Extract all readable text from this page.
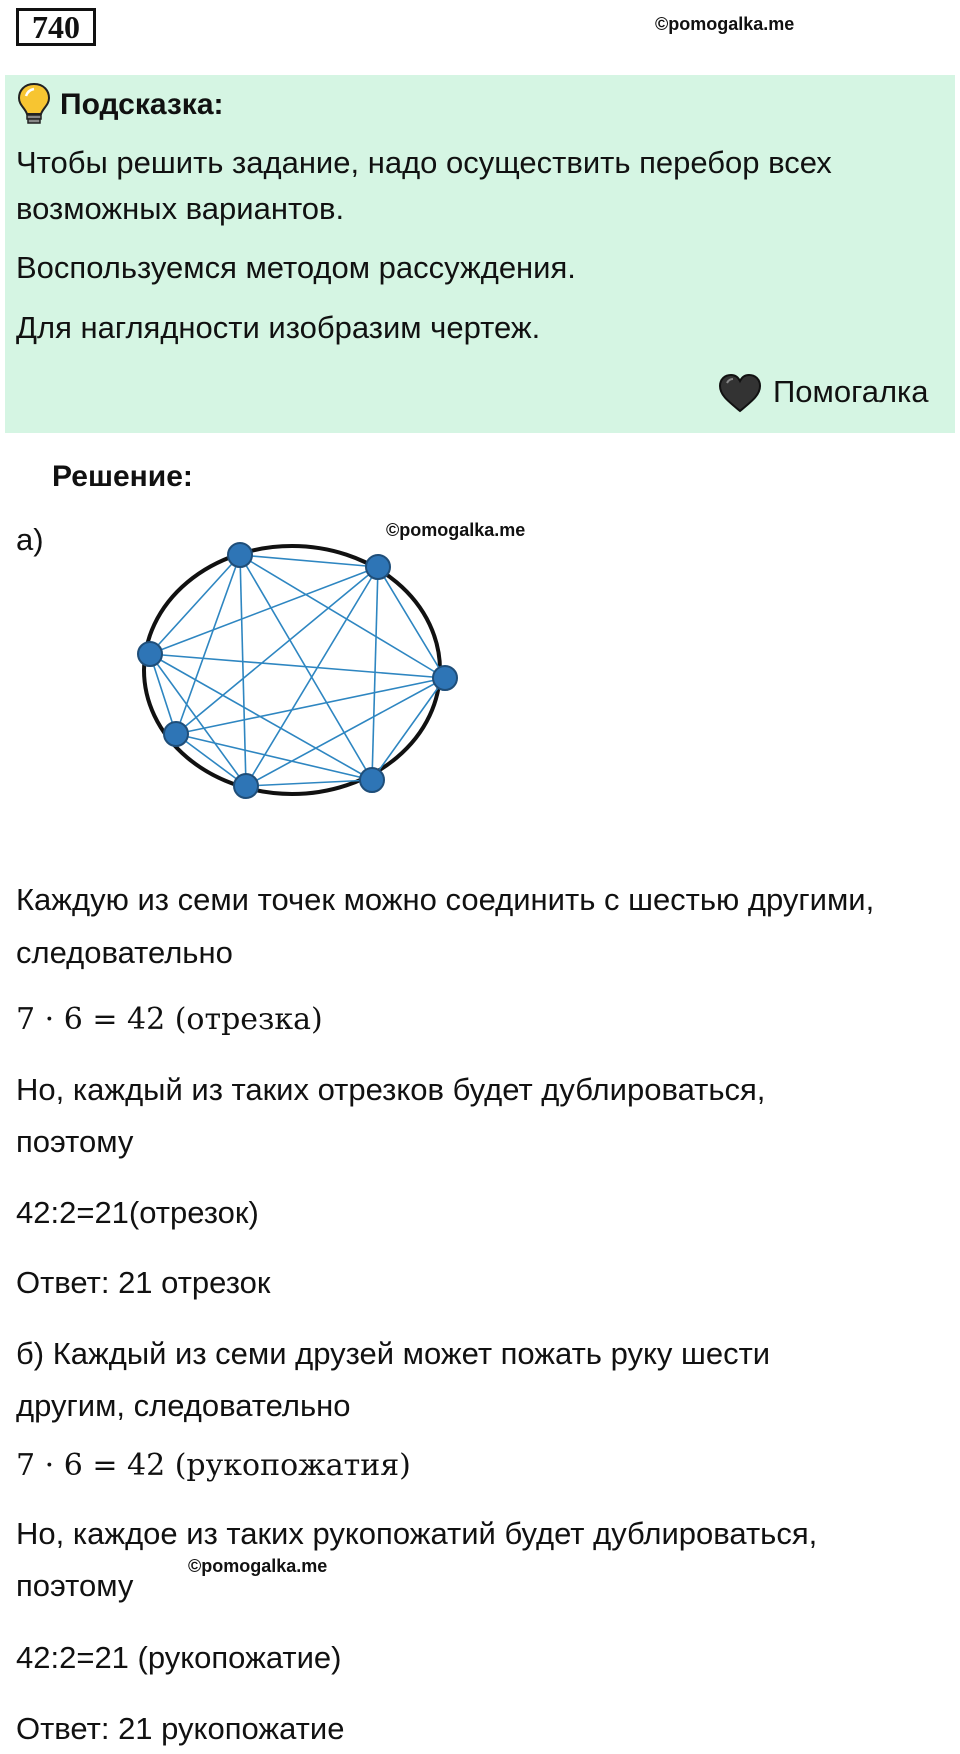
740	©pomogalka.me
Подсказка:
Чтобы решить задание, надо осуществить перебор всех
возможных вариантов.
Воспользуемся методом рассуждения.
Для наглядности изобразим чертеж.
Помогалка
Решение:
а)	©pomogalka.me
Каждую из семи точек можно соединить с шестью другими,
следовательно
7 · 6 = 42 (отрезка)
Но, каждый из таких отрезков будет дублироваться,
поэтому
42:2=21(отрезок)
Ответ: 21 отрезок
б) Каждый из семи друзей может пожать руку шести
другим, следовательно
7 · 6 = 42 (рукопожатия)
Но, каждое из таких рукопожатий будет дублироваться,
поэтому
©pomogalka.me
42:2=21 (рукопожатие)
Ответ: 21 рукопожатие
